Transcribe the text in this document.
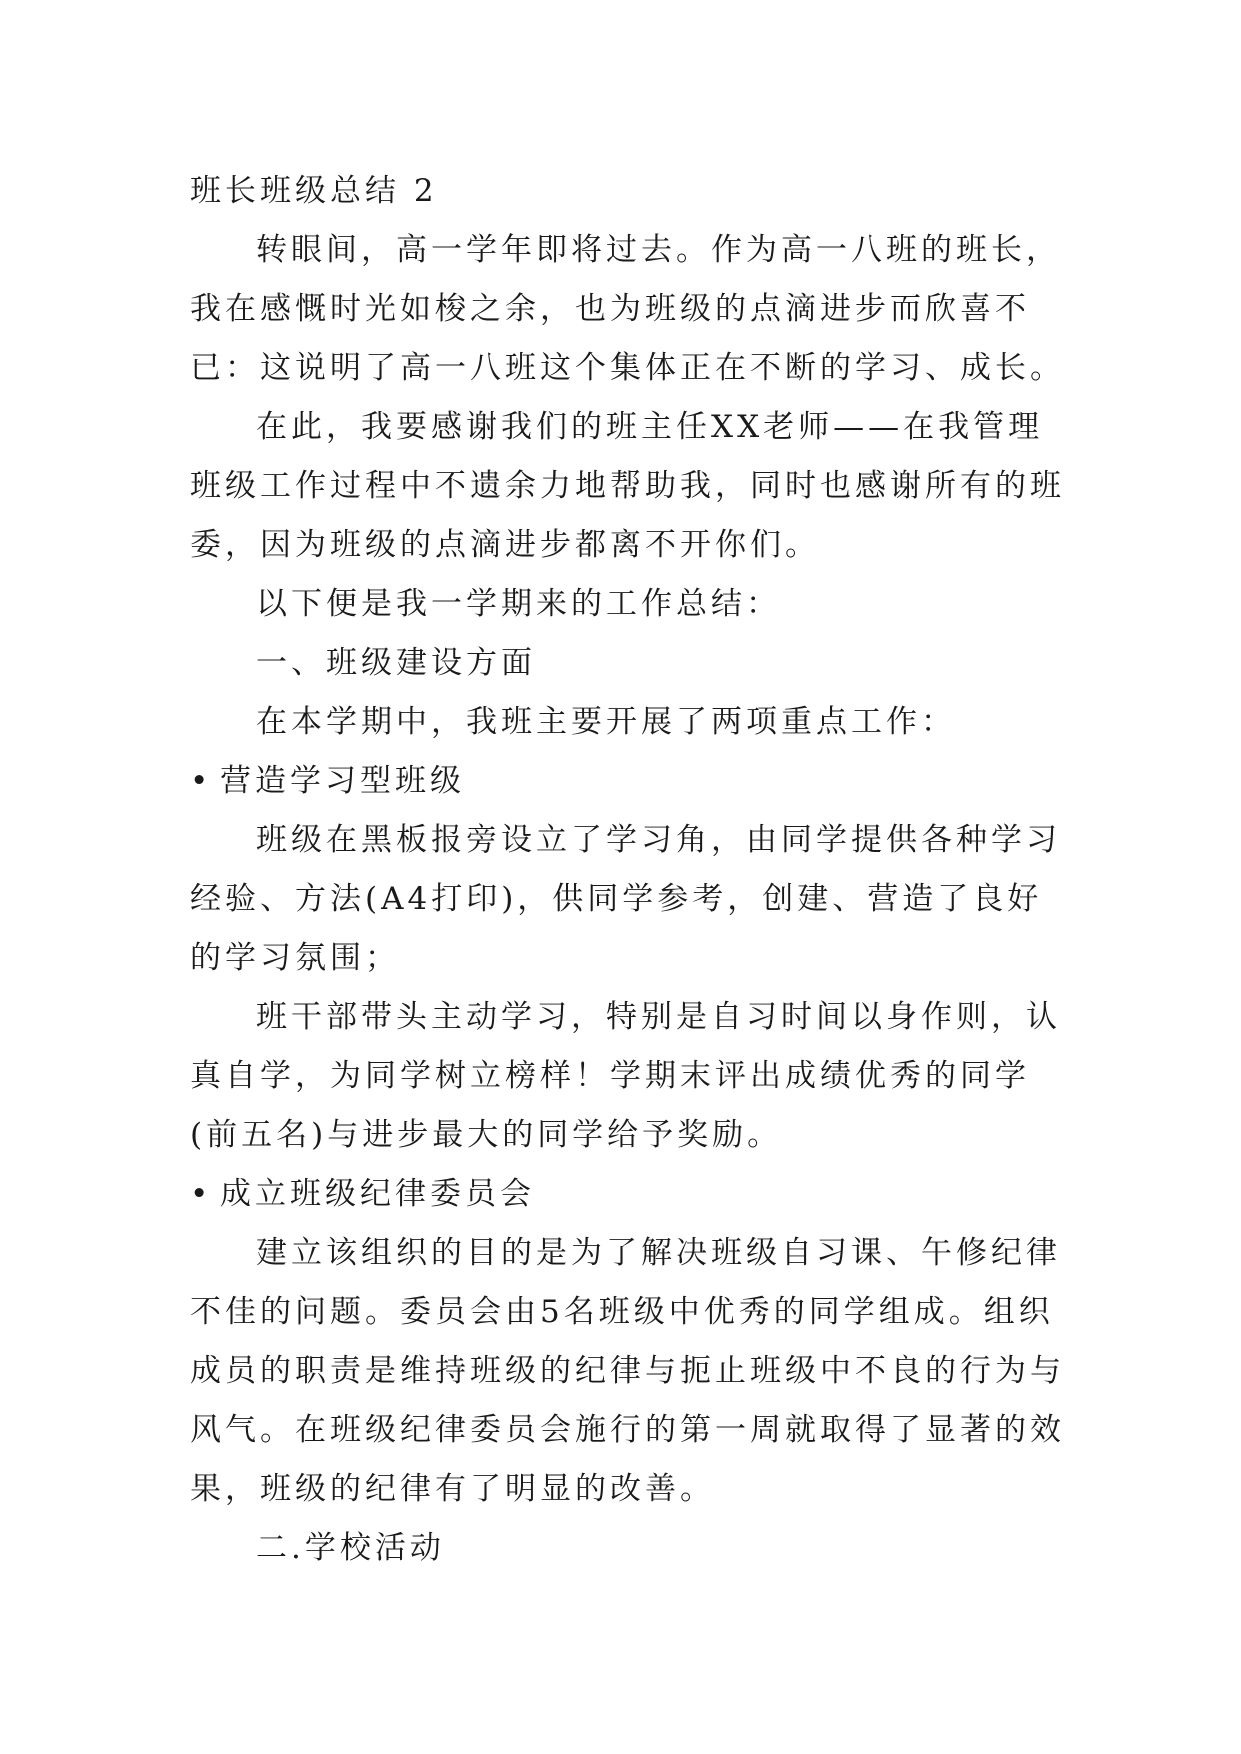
班长班级总结 2

转眼间，高一学年即将过去。作为高一八班的班长，我在感慨时光如梭之余，也为班级的点滴进步而欣喜不已：这说明了高一八班这个集体正在不断的学习、成长。

在此，我要感谢我们的班主任XX老师——在我管理班级工作过程中不遗余力地帮助我，同时也感谢所有的班委，因为班级的点滴进步都离不开你们。

以下便是我一学期来的工作总结：

一、班级建设方面

在本学期中，我班主要开展了两项重点工作：

• 营造学习型班级

班级在黑板报旁设立了学习角，由同学提供各种学习经验、方法(A4打印)，供同学参考，创建、营造了良好的学习氛围；

班干部带头主动学习，特别是自习时间以身作则，认真自学，为同学树立榜样！学期末评出成绩优秀的同学(前五名)与进步最大的同学给予奖励。

• 成立班级纪律委员会

建立该组织的目的是为了解决班级自习课、午修纪律不佳的问题。委员会由5名班级中优秀的同学组成。组织成员的职责是维持班级的纪律与扼止班级中不良的行为与风气。在班级纪律委员会施行的第一周就取得了显著的效果，班级的纪律有了明显的改善。

二.学校活动
